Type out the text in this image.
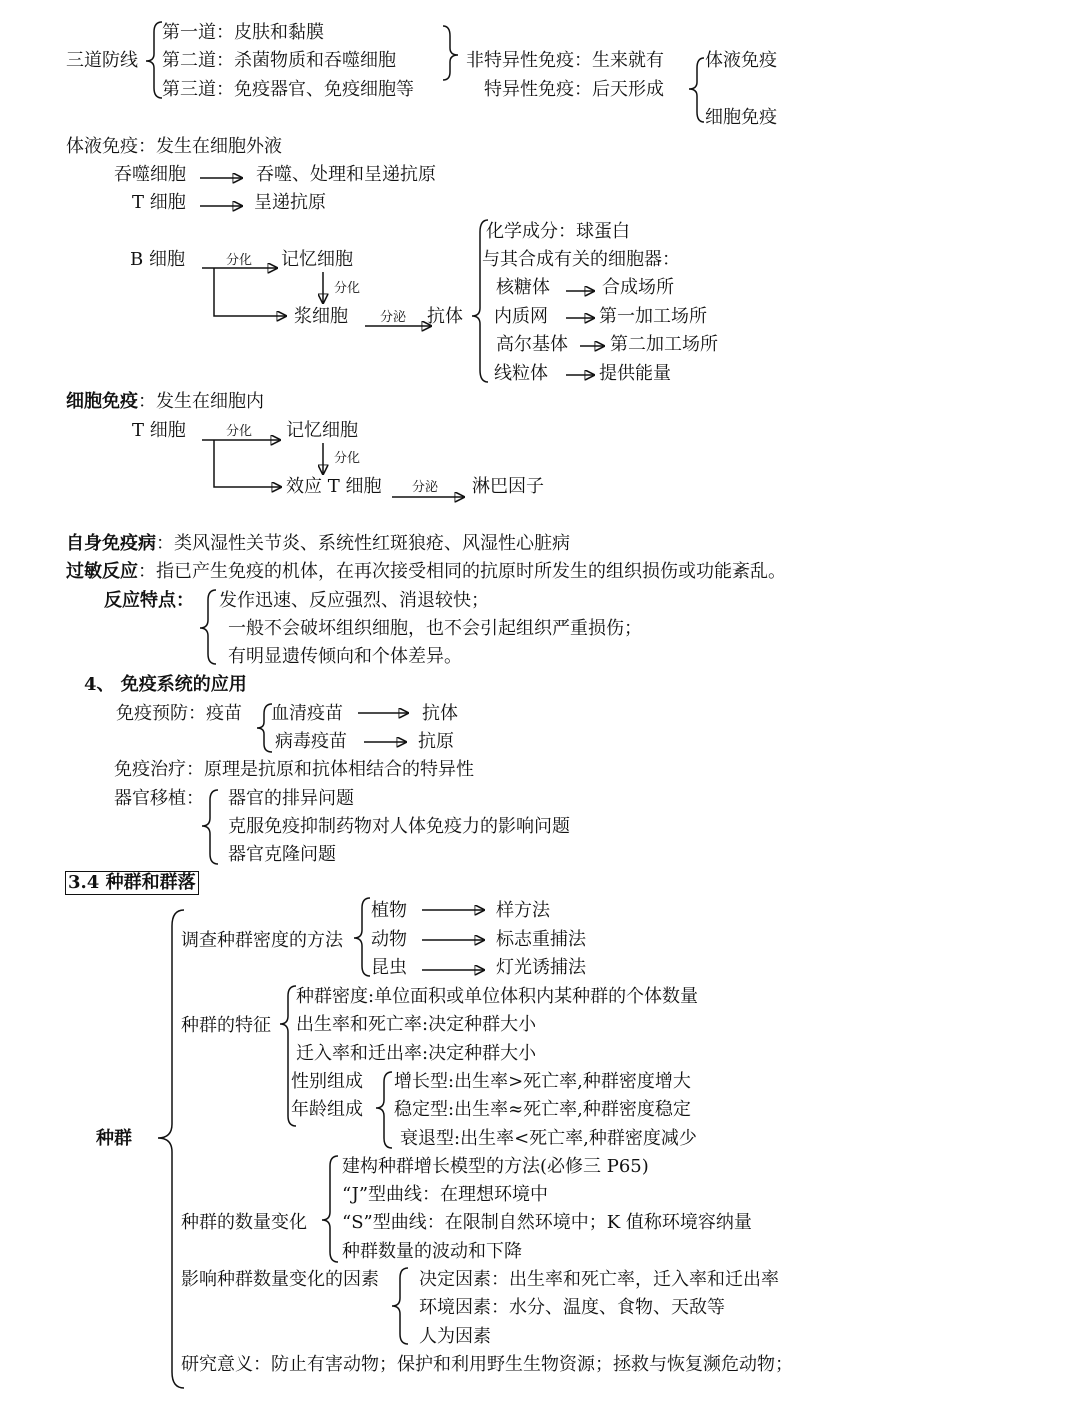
三道防线
第一道：皮肤和黏膜
第二道：杀菌物质和吞噬细胞
第三道：免疫器官、免疫细胞等
非特异性免疫：生来就有
特异性免疫：后天形成
体液免疫
细胞免疫
体液免疫：发生在细胞外液
吞噬细胞	吞噬、处理和呈递抗原
T 细胞	呈递抗原
B 细胞	分化 记忆细胞
分化
浆细胞 分泌 抗体
化学成分：球蛋白
与其合成有关的细胞器：
核糖体	合成场所
内质网	第一加工场所
高尔基体 第二加工场所
线粒体	提供能量
细胞免疫：发生在细胞内
T 细胞	分化 记忆细胞
分化
效应 T 细胞 分泌 淋巴因子
自身免疫病：类风湿性关节炎、系统性红斑狼疮、风湿性心脏病
过敏反应：指已产生免疫的机体，在再次接受相同的抗原时所发生的组织损伤或功能紊乱。
反应特点： 发作迅速、反应强烈、消退较快；
一般不会破坏组织细胞，也不会引起组织严重损伤；
有明显遗传倾向和个体差异。
4、 免疫系统的应用
免疫预防：疫苗 血清疫苗	抗体
病毒疫苗	抗原
免疫治疗：原理是抗原和抗体相结合的特异性
器官移植： 器官的排异问题
克服免疫抑制药物对人体免疫力的影响问题
器官克隆问题
3.4 种群和群落
种群
调查种群密度的方法
植物	样方法
动物	标志重捕法
昆虫	灯光诱捕法
种群的特征
种群密度:单位面积或单位体积内某种群的个体数量
出生率和死亡率:决定种群大小
迁入率和迁出率:决定种群大小
性别组成
年龄组成
增长型:出生率>死亡率,种群密度增大
稳定型:出生率≈死亡率,种群密度稳定
衰退型:出生率<死亡率,种群密度减少
种群的数量变化
建构种群增长模型的方法(必修三 P65)
“J”型曲线：在理想环境中
“S”型曲线：在限制自然环境中；K 值称环境容纳量
种群数量的波动和下降
影响种群数量变化的因素 决定因素：出生率和死亡率，迁入率和迁出率
环境因素：水分、温度、食物、天敌等
人为因素
研究意义：防止有害动物；保护和利用野生生物资源；拯救与恢复濒危动物；
